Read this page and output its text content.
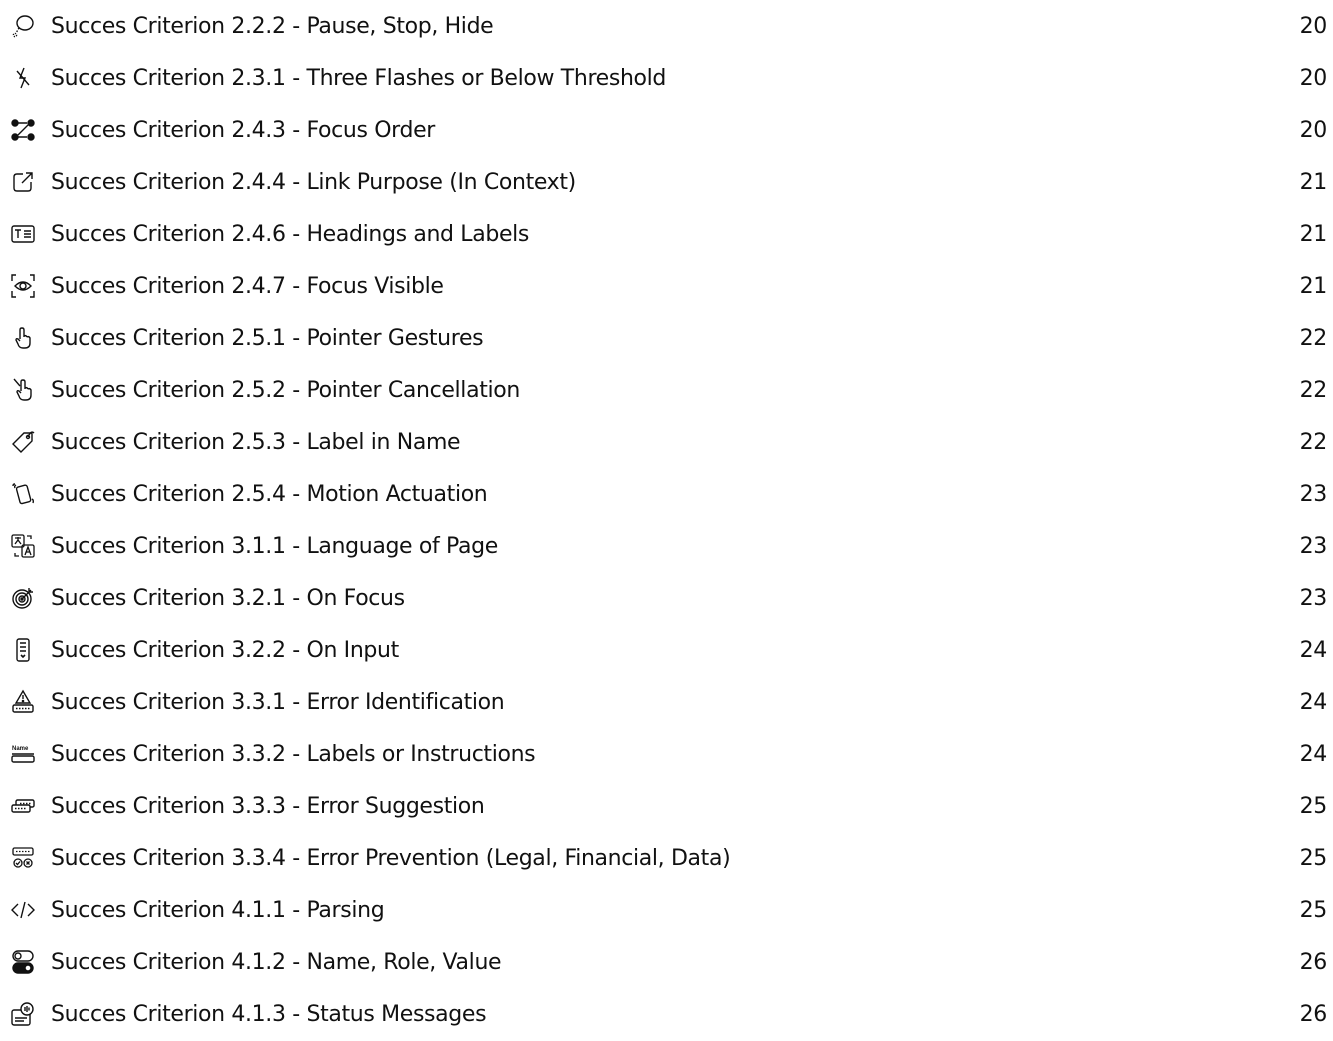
Succes Criterion 2.2.2 - Pause, Stop, Hide	20
Succes Criterion 2.3.1 - Three Flashes or Below Threshold	20
Succes Criterion 2.4.3 - Focus Order	20
Succes Criterion 2.4.4 - Link Purpose (In Context)	21
Succes Criterion 2.4.6 - Headings and Labels	21
Succes Criterion 2.4.7 - Focus Visible	21
Succes Criterion 2.5.1 - Pointer Gestures	22
Succes Criterion 2.5.2 - Pointer Cancellation	22
Succes Criterion 2.5.3 - Label in Name	22
Succes Criterion 2.5.4 - Motion Actuation	23
Succes Criterion 3.1.1 - Language of Page	23
Succes Criterion 3.2.1 - On Focus	23
Succes Criterion 3.2.2 - On Input	24
Succes Criterion 3.3.1 - Error Identification	24
Name Succes Criterion 3.3.2 - Labels or Instructions	24
Succes Criterion 3.3.3 - Error Suggestion	25
Succes Criterion 3.3.4 - Error Prevention (Legal, Financial, Data)	25
Succes Criterion 4.1.1 - Parsing	25
Succes Criterion 4.1.2 - Name, Role, Value	26
Succes Criterion 4.1.3 - Status Messages	26
